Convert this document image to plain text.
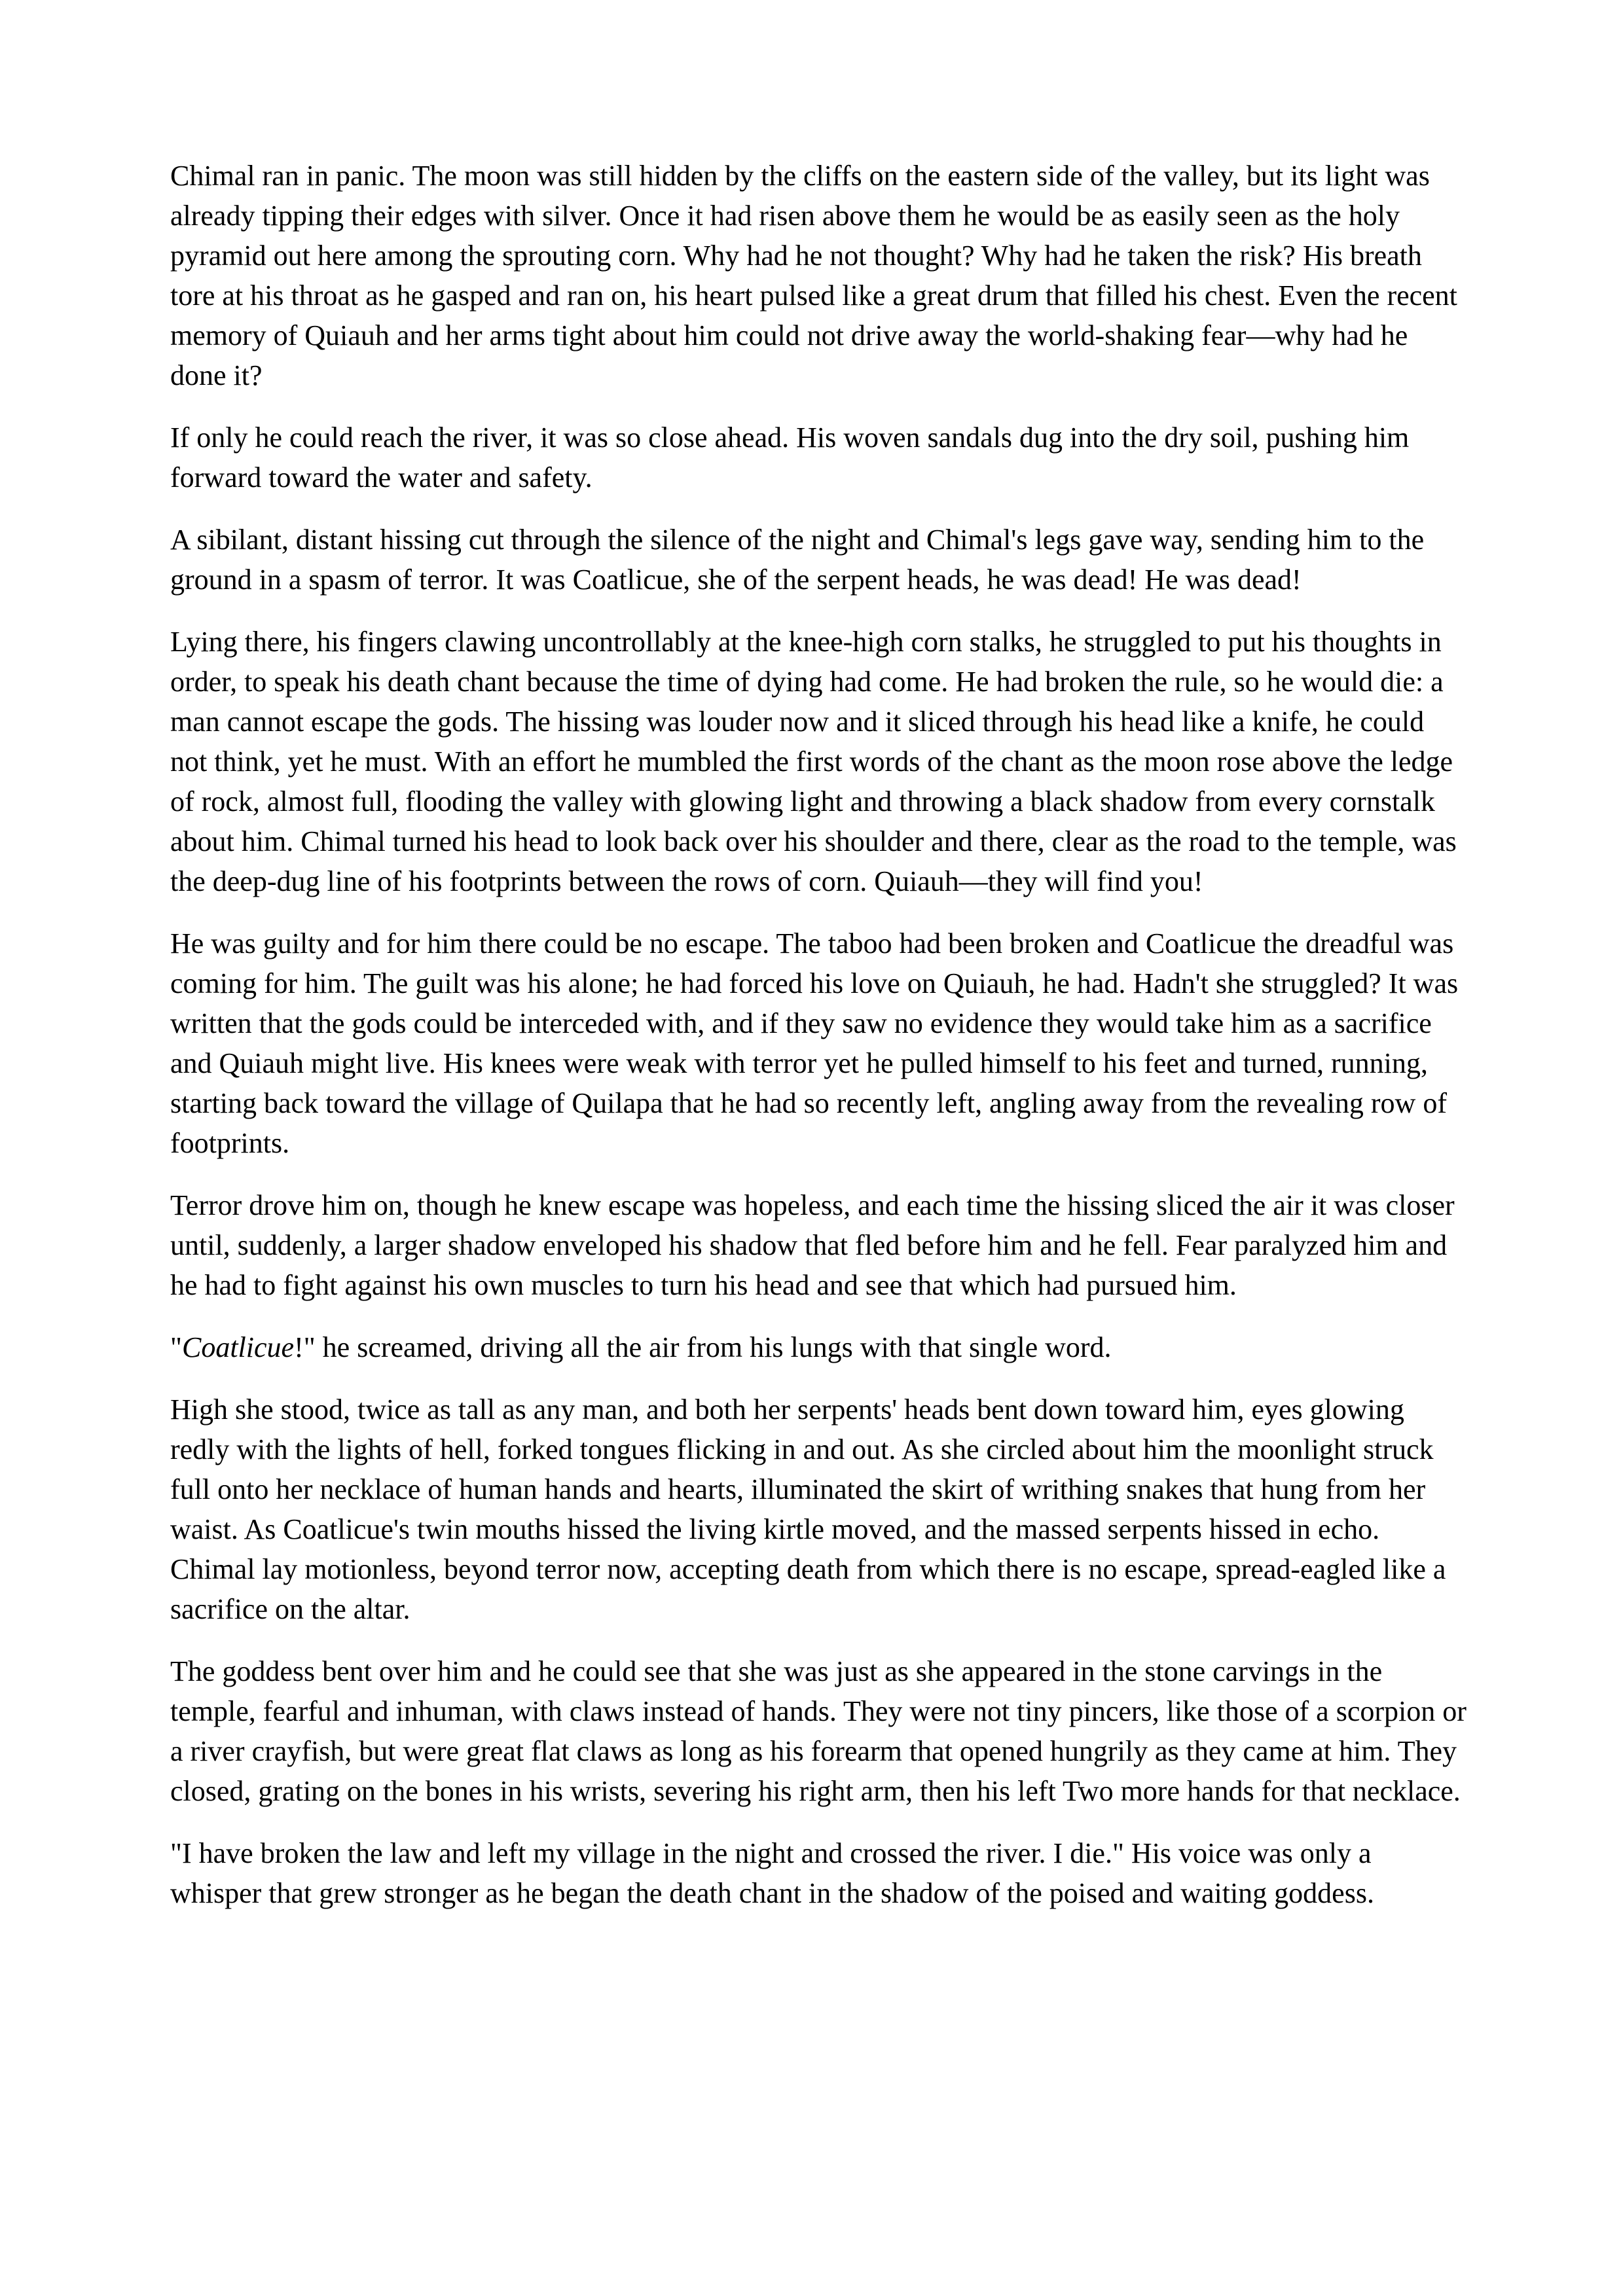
Chimal ran in panic. The moon was still hidden by the cliffs on the eastern side of the valley, but its light was already tipping their edges with silver. Once it had risen above them he would be as easily seen as the holy pyramid out here among the sprouting corn. Why had he not thought? Why had he taken the risk? His breath tore at his throat as he gasped and ran on, his heart pulsed like a great drum that filled his chest. Even the recent memory of Quiauh and her arms tight about him could not drive away the world-shaking fear—why had he done it?

If only he could reach the river, it was so close ahead. His woven sandals dug into the dry soil, pushing him forward toward the water and safety.

A sibilant, distant hissing cut through the silence of the night and Chimal's legs gave way, sending him to the ground in a spasm of terror. It was Coatlicue, she of the serpent heads, he was dead! He was dead!

Lying there, his fingers clawing uncontrollably at the knee-high corn stalks, he struggled to put his thoughts in order, to speak his death chant because the time of dying had come. He had broken the rule, so he would die: a man cannot escape the gods. The hissing was louder now and it sliced through his head like a knife, he could not think, yet he must. With an effort he mumbled the first words of the chant as the moon rose above the ledge of rock, almost full, flooding the valley with glowing light and throwing a black shadow from every cornstalk about him. Chimal turned his head to look back over his shoulder and there, clear as the road to the temple, was the deep-dug line of his footprints between the rows of corn. Quiauh—they will find you!

He was guilty and for him there could be no escape. The taboo had been broken and Coatlicue the dreadful was coming for him. The guilt was his alone; he had forced his love on Quiauh, he had. Hadn't she struggled? It was written that the gods could be interceded with, and if they saw no evidence they would take him as a sacrifice and Quiauh might live. His knees were weak with terror yet he pulled himself to his feet and turned, running, starting back toward the village of Quilapa that he had so recently left, angling away from the revealing row of footprints.

Terror drove him on, though he knew escape was hopeless, and each time the hissing sliced the air it was closer until, suddenly, a larger shadow enveloped his shadow that fled before him and he fell. Fear paralyzed him and he had to fight against his own muscles to turn his head and see that which had pursued him.

"Coatlicue!" he screamed, driving all the air from his lungs with that single word.

High she stood, twice as tall as any man, and both her serpents' heads bent down toward him, eyes glowing redly with the lights of hell, forked tongues flicking in and out. As she circled about him the moonlight struck full onto her necklace of human hands and hearts, illuminated the skirt of writhing snakes that hung from her waist. As Coatlicue's twin mouths hissed the living kirtle moved, and the massed serpents hissed in echo. Chimal lay motionless, beyond terror now, accepting death from which there is no escape, spread-eagled like a sacrifice on the altar.

The goddess bent over him and he could see that she was just as she appeared in the stone carvings in the temple, fearful and inhuman, with claws instead of hands. They were not tiny pincers, like those of a scorpion or a river crayfish, but were great flat claws as long as his forearm that opened hungrily as they came at him. They closed, grating on the bones in his wrists, severing his right arm, then his left Two more hands for that necklace.

"I have broken the law and left my village in the night and crossed the river. I die." His voice was only a whisper that grew stronger as he began the death chant in the shadow of the poised and waiting goddess.
